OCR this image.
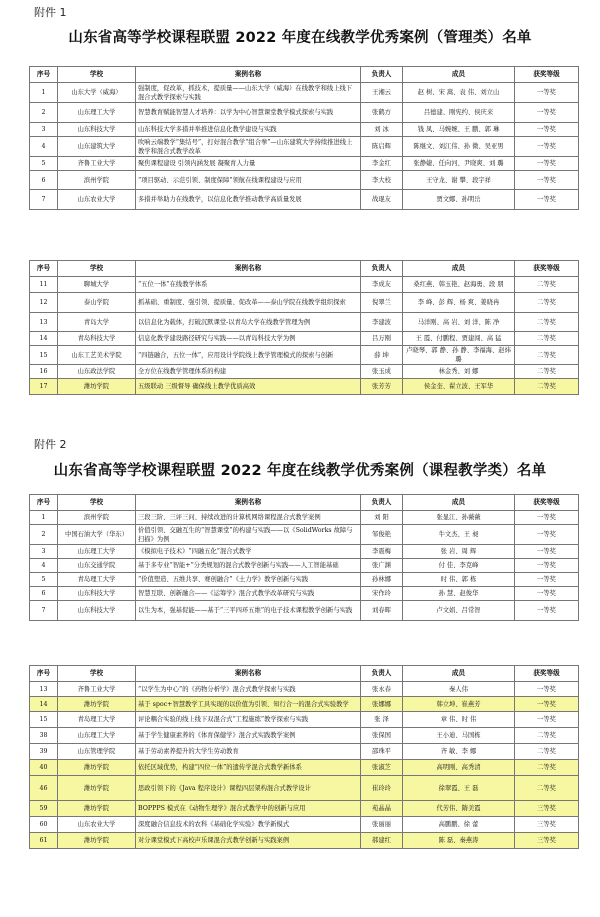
附件 1
山东省高等学校课程联盟 2022 年度在线教学优秀案例（管理类）名单
序号	学校	案例名称	负责人	成员	获奖等级
1	山东大学（威海）	强制度，促改革，抓技术，提质量——山东大学（威海）在线教学和线上线下混合式教学探索与实践	王湘云	赵 树、宋 嵩、袁 伟、刘立山	一等奖
2	山东理工大学	智慧教育赋能智慧人才培养：以学为中心智慧课堂教学模式探索与实践	张鹤方	吕德建、刚宪约、侯庆来	一等奖
3	山东科技大学	山东科技大学多措并举推进信息化教学建设与实践	刘 冰	钱 凤、马婉婉、王 鹏、郭 琳	一等奖
4	山东建筑大学	吹响云端教学“集结号”，打好混合教学“组合拳”—山东建筑大学持续推进线上教学和混合式教学改革	陈启辉	陈继文、刘江伟、孙 微、吴亚男	一等奖
5	齐鲁工业大学	聚焦课程建设 引领内涵发展 凝聚育人力量	李金红	张静婕、任向河、尹晓爽、刘 璐	一等奖
6	滨州学院	“项目驱动、示范引领、制度保障”领航在线课程建设与应用	李大校	王守龙、谢 攀、段宇祥	一等奖
7	山东农业大学	多措并举助力在线教学，以信息化教学推动教学高质量发展	战琨友	贾文娜、孙明岳	一等奖
序号	学校	案例名称	负责人	成员	获奖等级
11	聊城大学	“五位一体”在线教学体系	李成友	桑红燕、韩玉艳、赵海勇、段 朋	二等奖
12	泰山学院	抓基础、重制度、强引领、提质量、促改革——泰山学院在线教学组织探索	倪翠兰	李 峰、彭 辉、杨 爽、姜晓冉	二等奖
13	青岛大学	以信息化为载体，打破沉默课堂-以青岛大学在线教学管理为例	李建波	马洋刚、高 岩、刘 洋、陈 净	二等奖
14	青岛科技大学	信息化教学建设路径研究与实践——以青岛科技大学为例	吕万刚	王 霞、付鹏程、贾建闯、高 猛	二等奖
15	山东工艺美术学院	“四链融合，五位一体”，应用设计学院线上教学管理模式的探索与创新	薛 坤	卢晓琴、郭 静、孙 静、李福海、赵炜璐	二等奖
16	山东政法学院	全方位在线教学管理体系的构建	张玉成	林金秀、刘 娜	二等奖
17	潍坊学院	五级联动 三级督导 确保线上教学优质高效	张芳芳	侯金奎、翟立波、王军华	二等奖
附件 2
山东省高等学校课程联盟 2022 年度在线教学优秀案例（课程教学类）名单
序号	学校	案例名称	负责人	成员	获奖等级
1	滨州学院	三段三阶、三评三问、持续改进的计算机网络课程混合式教学案例	刘 阳	张显江、孙薇薇	一等奖
2	中国石油大学（华东）	价值引领、交融互生的“智慧课堂”的构建与实践——以《SolidWorks 故障与扫描》为例	邹俊艳	牛文杰、王 昶	一等奖
3	山东理工大学	《模拟电子技术》“四融五化”混合式教学	李震梅	张 岩、周 辉	一等奖
4	山东交通学院	基于多专业“智能+”分类规划的混合式教学创新与实践——人工智能基础	张广渊	付 佳、李克峰	一等奖
5	青岛理工大学	“价值塑造、五维共享、赛创融合”《土力学》教学创新与实践	孙林娜	时 伟、郭 栋	一等奖
6	山东科技大学	智慧互联、创新融合——《运筹学》混合式教学改革研究与实践	宋作玲	孙 慧、赵俊华	一等奖
7	山东科技大学	以生为本，强基促能——基于“三平四环五维”的电子技术课程教学创新与实践	刘春晖	卢文娟、吕常智	一等奖
序号	学校	案例名称	负责人	成员	获奖等级
13	齐鲁工业大学	“以学生为中心”的《药物分析学》混合式教学探索与实践	张永春	秦人伟	一等奖
14	潍坊学院	基于 spoc+智慧教学工具实现的以价值为引领、知行合一的混合式实验教学	张娜娜	韩立坤、崔燕芳	一等奖
15	青岛理工大学	评论耦合实验的线上线下双混合式“工程施练”教学探索与实践	张 泽	章 伟、时 伟	一等奖
38	山东理工大学	基于学生健康素养的《体育保健学》混合式实践教学案例	张保国	王小迪、马国栋	二等奖
39	山东管理学院	基于劳动素养提升的大学生劳动教育	邵珠平	齐 敏、李 娜	二等奖
40	潍坊学院	依托区域优势，构建“四位一体”的遗传学混合式教学新体系	张淑芝	高明刚、高秀清	二等奖
46	潍坊学院	思政引领下的《Java 程序设计》课程四层架构混合式教学设计	崔玲玲	徐翠霞、王 磊	二等奖
59	潍坊学院	BOPPPS 模式在《动物生理学》混合式教学中的创新与应用	苑晶晶	代芳伟、隋美霞	三等奖
60	山东农业大学	深度融合信息技术的农科《基础化学实验》教学新模式	张丽丽	高鹏鹏、徐 蕾	三等奖
61	潍坊学院	对分课堂模式下高校声乐课混合式教学创新与实践案例	郝建红	陈 磊、秦燕涛	三等奖
